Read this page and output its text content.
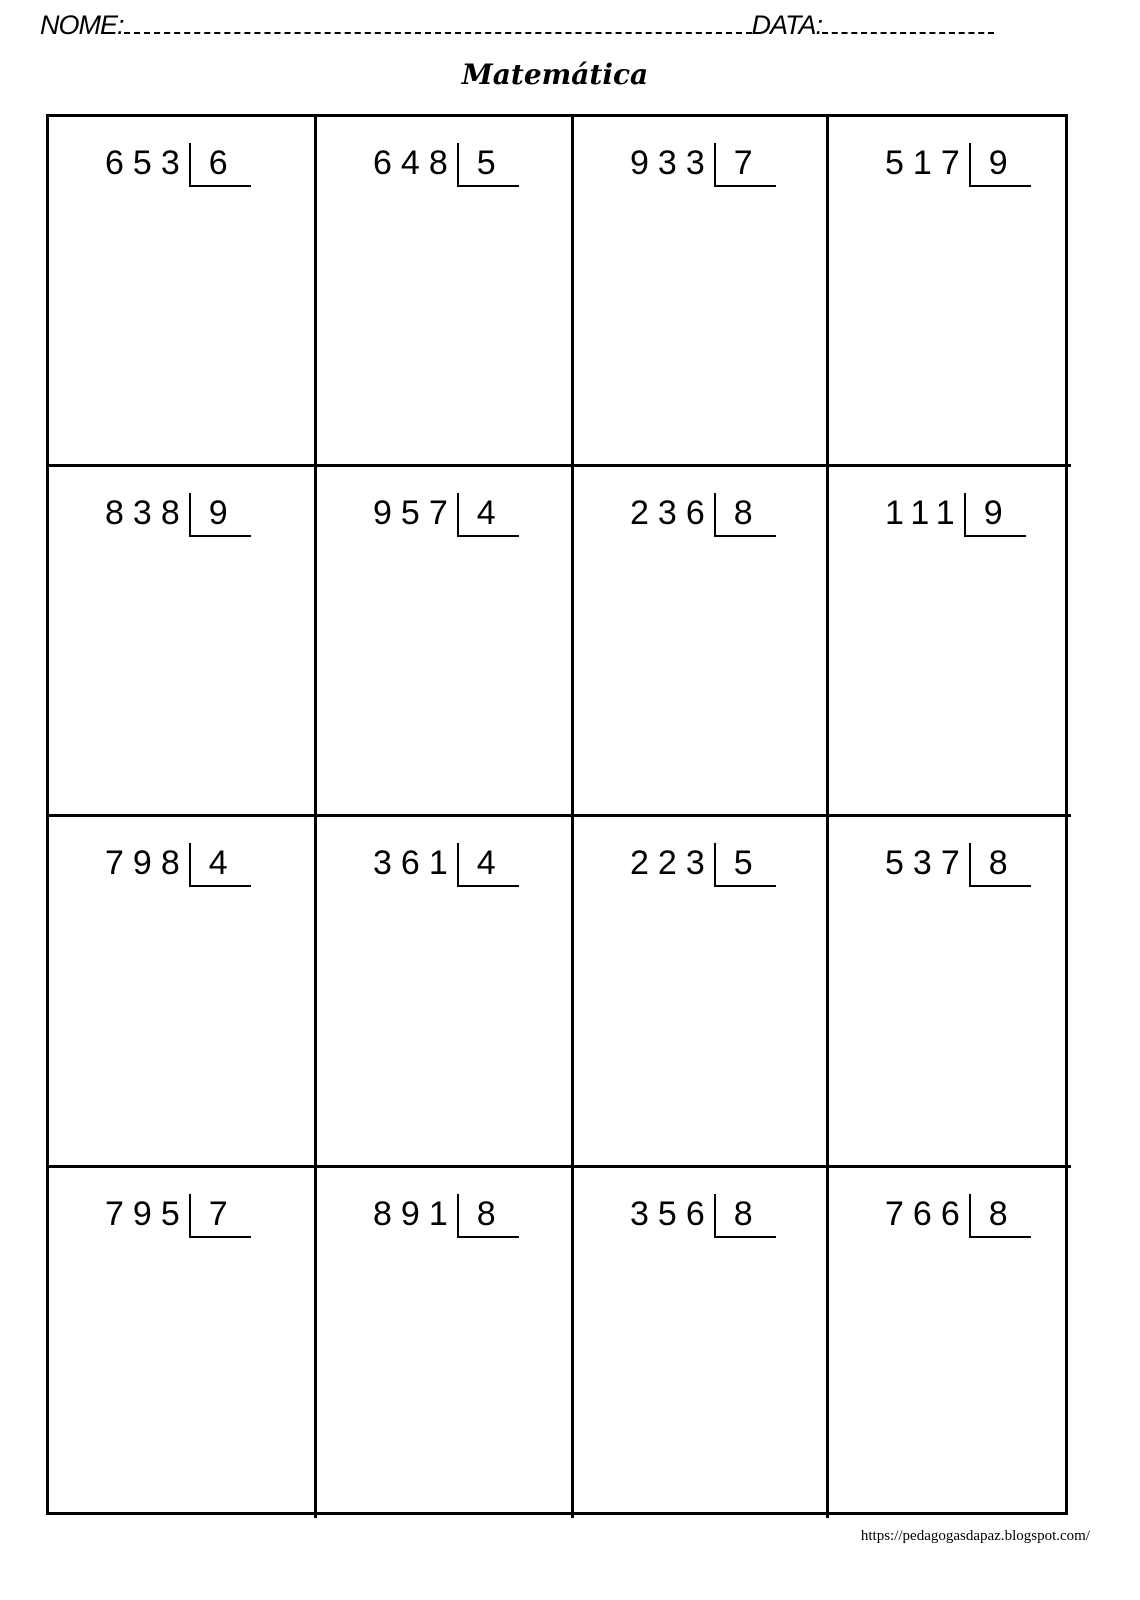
NOME:	DATA:
Matemática
653 6	648 5	933 7	517 9
838 9	957 4	236 8	111 9
798 4	361 4	223 5	537 8
795 7	891 8	356 8	766 8
https://pedagogasdapaz.blogspot.com/
